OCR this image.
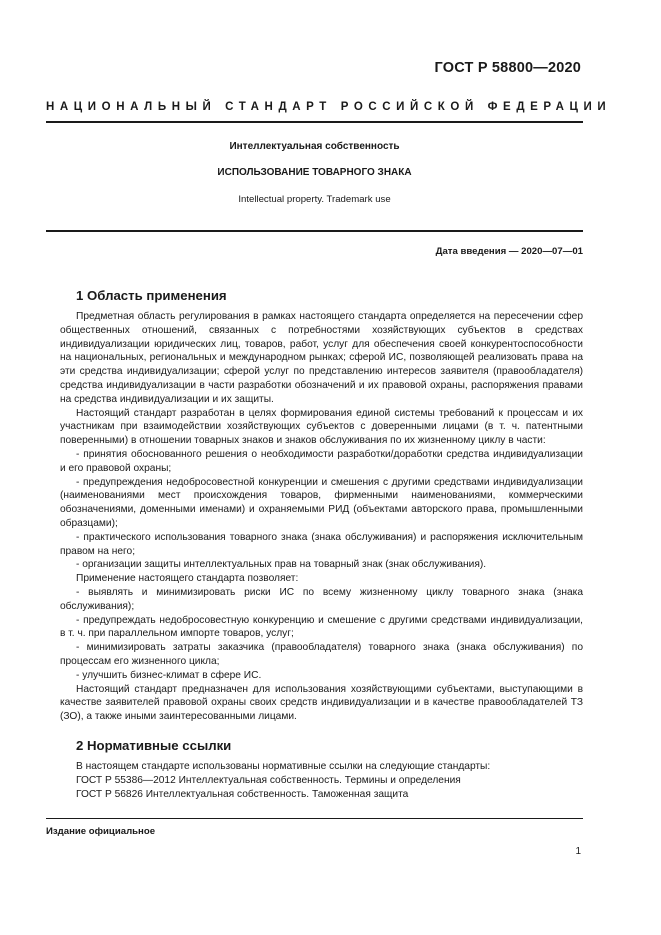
ГОСТ Р 58800—2020
НАЦИОНАЛЬНЫЙ СТАНДАРТ РОССИЙСКОЙ ФЕДЕРАЦИИ
Интеллектуальная собственность
ИСПОЛЬЗОВАНИЕ ТОВАРНОГО ЗНАКА
Intellectual property. Trademark use
Дата введения — 2020—07—01
1 Область применения

Предметная область регулирования в рамках настоящего стандарта определяется на пересечении сфер общественных отношений, связанных с потребностями хозяйствующих субъектов в средствах индивидуализации юридических лиц, товаров, работ, услуг для обеспечения своей конкурентоспособности на национальных, региональных и международном рынках; сферой ИС, позволяющей реализовать права на эти средства индивидуализации; сферой услуг по представлению интересов заявителя (правообладателя) средства индивидуализации в части разработки обозначений и их правовой охраны, распоряжения правами на средства индивидуализации и их защиты.

Настоящий стандарт разработан в целях формирования единой системы требований к процессам и их участникам при взаимодействии хозяйствующих субъектов с доверенными лицами (в т. ч. патентными поверенными) в отношении товарных знаков и знаков обслуживания по их жизненному циклу в части:

- принятия обоснованного решения о необходимости разработки/доработки средства индивидуализации и его правовой охраны;

- предупреждения недобросовестной конкуренции и смешения с другими средствами индивидуализации (наименованиями мест происхождения товаров, фирменными наименованиями, коммерческими обозначениями, доменными именами) и охраняемыми РИД (объектами авторского права, промышленными образцами);

- практического использования товарного знака (знака обслуживания) и распоряжения исключительным правом на него;

- организации защиты интеллектуальных прав на товарный знак (знак обслуживания).

Применение настоящего стандарта позволяет:

- выявлять и минимизировать риски ИС по всему жизненному циклу товарного знака (знака обслуживания);

- предупреждать недобросовестную конкуренцию и смешение с другими средствами индивидуализации, в т. ч. при параллельном импорте товаров, услуг;

- минимизировать затраты заказчика (правообладателя) товарного знака (знака обслуживания) по процессам его жизненного цикла;

- улучшить бизнес-климат в сфере ИС.

Настоящий стандарт предназначен для использования хозяйствующими субъектами, выступающими в качестве заявителей правовой охраны своих средств индивидуализации и в качестве правообладателей ТЗ (ЗО), а также иными заинтересованными лицами.

2 Нормативные ссылки
В настоящем стандарте использованы нормативные ссылки на следующие стандарты:
ГОСТ Р 55386—2012 Интеллектуальная собственность. Термины и определения
ГОСТ Р 56826 Интеллектуальная собственность. Таможенная защита
Издание официальное
1
